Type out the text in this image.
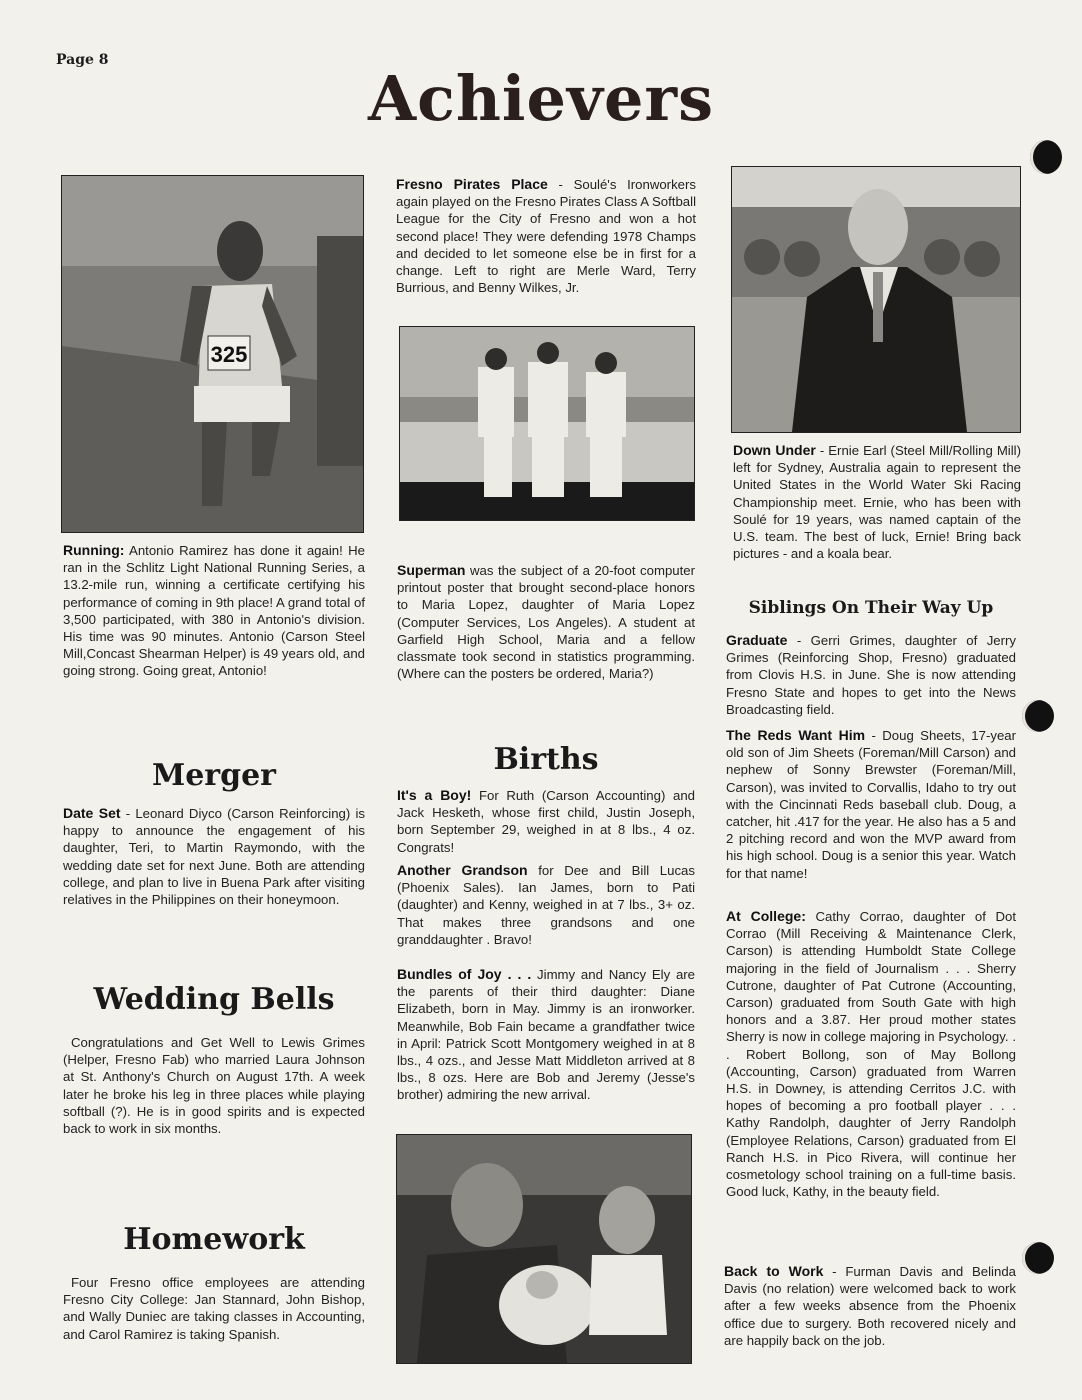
Page 8
Achievers
325

Running: Antonio Ramirez has done it again! He ran in the Schlitz Light National Running Series, a 13.2-mile run, winning a certificate certifying his performance of coming in 9th place! A grand total of 3,500 participated, with 380 in Antonio's division. His time was 90 minutes. Antonio (Carson Steel Mill,Concast Shearman Helper) is 49 years old, and going strong. Going great, Antonio!

Merger

Date Set - Leonard Diyco (Carson Reinforcing) is happy to announce the engagement of his daughter, Teri, to Martin Raymondo, with the wedding date set for next June. Both are attending college, and plan to live in Buena Park after visiting relatives in the Philippines on their honeymoon.

Wedding Bells

Congratulations and Get Well to Lewis Grimes (Helper, Fresno Fab) who married Laura Johnson at St. Anthony's Church on August 17th. A week later he broke his leg in three places while playing softball (?). He is in good spirits and is expected back to work in six months.

Homework

Four Fresno office employees are attending Fresno City College: Jan Stannard, John Bishop, and Wally Duniec are taking classes in Accounting, and Carol Ramirez is taking Spanish.

Fresno Pirates Place - Soulé's Ironworkers again played on the Fresno Pirates Class A Softball League for the City of Fresno and won a hot second place! They were defending 1978 Champs and decided to let someone else be in first for a change. Left to right are Merle Ward, Terry Burrious, and Benny Wilkes, Jr.

Superman was the subject of a 20-foot computer printout poster that brought second-place honors to Maria Lopez, daughter of Maria Lopez (Computer Services, Los Angeles). A student at Garfield High School, Maria and a fellow classmate took second in statistics programming. (Where can the posters be ordered, Maria?)

Births

It's a Boy! For Ruth (Carson Accounting) and Jack Hesketh, whose first child, Justin Joseph, born September 29, weighed in at 8 lbs., 4 oz. Congrats!

Another Grandson for Dee and Bill Lucas (Phoenix Sales). Ian James, born to Pati (daughter) and Kenny, weighed in at 7 lbs., 3+ oz. That makes three grandsons and one granddaughter . Bravo!

Bundles of Joy . . . Jimmy and Nancy Ely are the parents of their third daughter: Diane Elizabeth, born in May. Jimmy is an ironworker. Meanwhile, Bob Fain became a grandfather twice in April: Patrick Scott Montgomery weighed in at 8 lbs., 4 ozs., and Jesse Matt Middleton arrived at 8 lbs., 8 ozs. Here are Bob and Jeremy (Jesse's brother) admiring the new arrival.

Down Under - Ernie Earl (Steel Mill/Rolling Mill) left for Sydney, Australia again to represent the United States in the World Water Ski Racing Championship meet. Ernie, who has been with Soulé for 19 years, was named captain of the U.S. team. The best of luck, Ernie! Bring back pictures - and a koala bear.

Siblings On Their Way Up

Graduate - Gerri Grimes, daughter of Jerry Grimes (Reinforcing Shop, Fresno) graduated from Clovis H.S. in June. She is now attending Fresno State and hopes to get into the News Broadcasting field.

The Reds Want Him - Doug Sheets, 17-year old son of Jim Sheets (Foreman/Mill Carson) and nephew of Sonny Brewster (Foreman/Mill, Carson), was invited to Corvallis, Idaho to try out with the Cincinnati Reds baseball club. Doug, a catcher, hit .417 for the year. He also has a 5 and 2 pitching record and won the MVP award from his high school. Doug is a senior this year. Watch for that name!

At College: Cathy Corrao, daughter of Dot Corrao (Mill Receiving & Maintenance Clerk, Carson) is attending Humboldt State College majoring in the field of Journalism . . . Sherry Cutrone, daughter of Pat Cutrone (Accounting, Carson) graduated from South Gate with high honors and a 3.87. Her proud mother states Sherry is now in college majoring in Psychology. . . Robert Bollong, son of May Bollong (Accounting, Carson) graduated from Warren H.S. in Downey, is attending Cerritos J.C. with hopes of becoming a pro football player . . . Kathy Randolph, daughter of Jerry Randolph (Employee Relations, Carson) graduated from El Ranch H.S. in Pico Rivera, will continue her cosmetology school training on a full-time basis. Good luck, Kathy, in the beauty field.

Back to Work - Furman Davis and Belinda Davis (no relation) were welcomed back to work after a few weeks absence from the Phoenix office due to surgery. Both recovered nicely and are happily back on the job.
